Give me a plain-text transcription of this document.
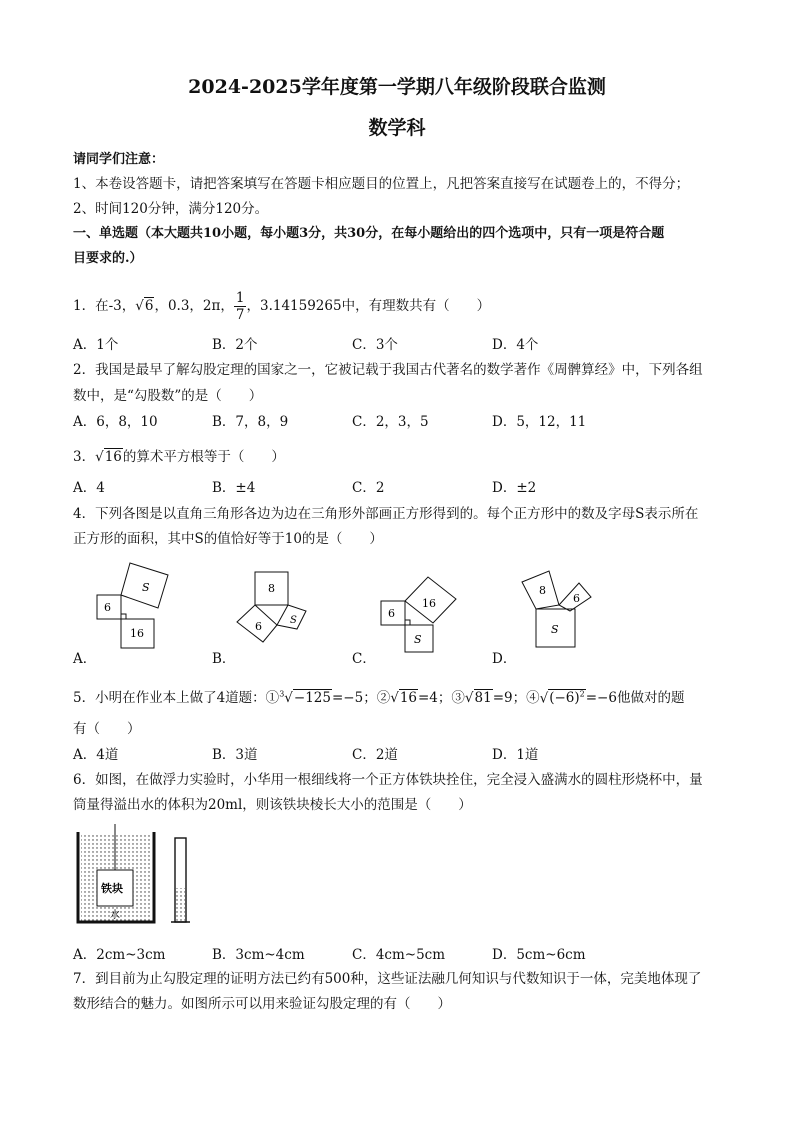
2024-2025学年度第一学期八年级阶段联合监测
数学科
请同学们注意：
1、本卷设答题卡，请把答案填写在答题卡相应题目的位置上，凡把答案直接写在试题卷上的，不得分；
2、时间120分钟，满分120分。
一、单选题（本大题共10小题，每小题3分，共30分，在每小题给出的四个选项中，只有一项是符合题
目要求的.）
1．在-3，√6，0.3，2π， $\frac{1}{7}$ ，3.14159265中，有理数共有（　　）
A．1个	B．2个	C．3个	D．4个
2．我国是最早了解勾股定理的国家之一，它被记载于我国古代著名的数学著作《周髀算经》中，下列各组
数中，是“勾股数”的是（　　）
A．6，8，10	B．7，8，9	C．2，3，5	D．5，12，11
3．√16的算术平方根等于（　　）
A．4	B．±4	C．2	D．±2
4．下列各图是以直角三角形各边为边在三角形外部画正方形得到的。每个正方形中的数及字母S表示所在
正方形的面积，其中S的值恰好等于10的是（　　）
6
S
16
8
6	S
6
16
S
8
6
S
A．	B．	C．	D．
5．小明在作业本上做了4道题：①$^3$√−125=−5；②√16=4；③√81=9；$④√(-6)^2=-6$他做对的题
有（　　）
A．4道	B．3道	C．2道	D．1道
6．如图，在做浮力实验时，小华用一根细线将一个正方体铁块拴住，完全浸入盛满水的圆柱形烧杯中，量
筒量得溢出水的体积为20ml，则该铁块棱长大小的范围是（　　）
铁块
水
A．2cm~3cm	B．3cm~4cm	C．4cm~5cm	D．5cm~6cm
7．到目前为止勾股定理的证明方法已约有500种，这些证法融几何知识与代数知识于一体，完美地体现了
数形结合的魅力。如图所示可以用来验证勾股定理的有（　　）
